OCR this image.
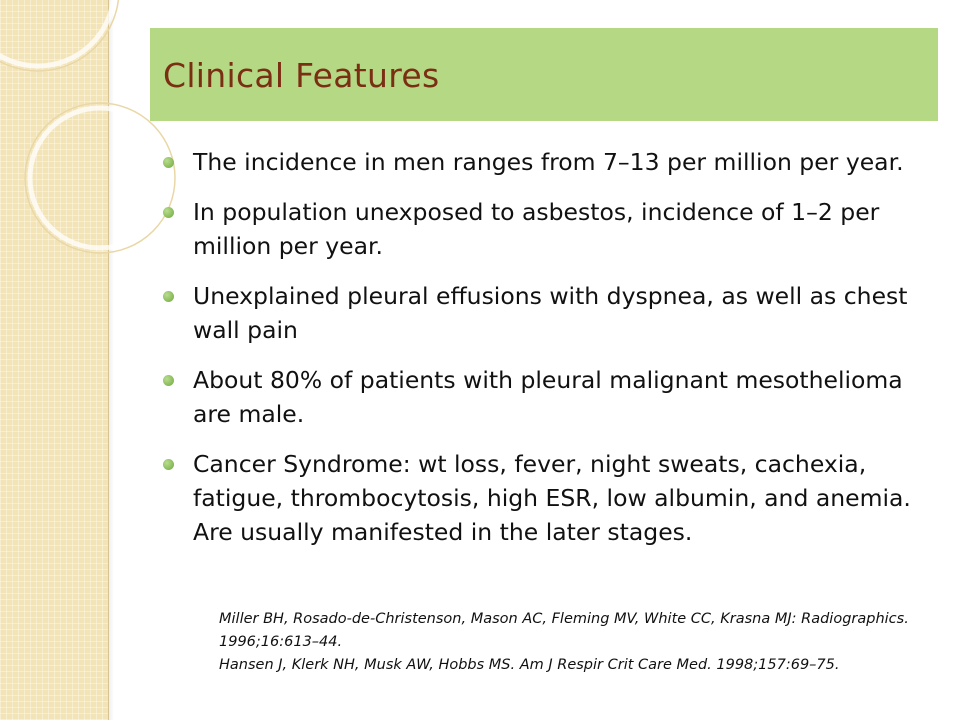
Clinical Features
The incidence in men ranges from 7–13 per million per year.
In population unexposed to asbestos, incidence of 1–2 per million per year.
Unexplained pleural effusions with dyspnea, as well as chest wall pain
About 80% of patients with pleural malignant mesothelioma are male.
Cancer Syndrome: wt loss, fever, night sweats, cachexia, fatigue, thrombocytosis, high ESR, low albumin, and anemia. Are usually manifested in the later stages.

Miller BH, Rosado-de-Christenson, Mason AC, Fleming MV, White CC, Krasna MJ: Radiographics. 1996;16:613–44.

Hansen J, Klerk NH, Musk AW, Hobbs MS. Am J Respir Crit Care Med. 1998;157:69–75.
